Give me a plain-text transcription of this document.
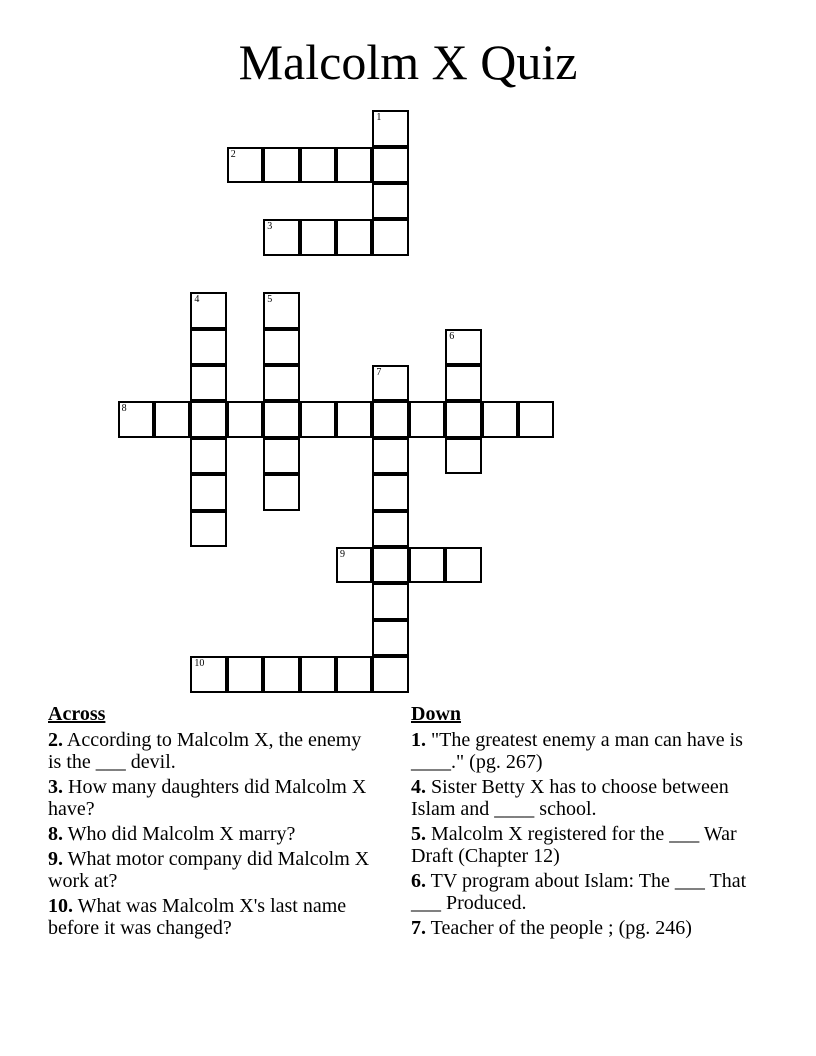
Malcolm X Quiz
1
2
3
4	5
6
7
8
9
10
Across
2. According to Malcolm X, the enemy is the ___ devil.
3. How many daughters did Malcolm X have?
8. Who did Malcolm X marry?
9. What motor company did Malcolm X work at?
10. What was Malcolm X's last name before it was changed?
Down
1. "The greatest enemy a man can have is ____." (pg. 267)
4. Sister Betty X has to choose between Islam and ____ school.
5. Malcolm X registered for the ___ War Draft (Chapter 12)
6. TV program about Islam: The ___ That ___ Produced.
7. Teacher of the people ; (pg. 246)
